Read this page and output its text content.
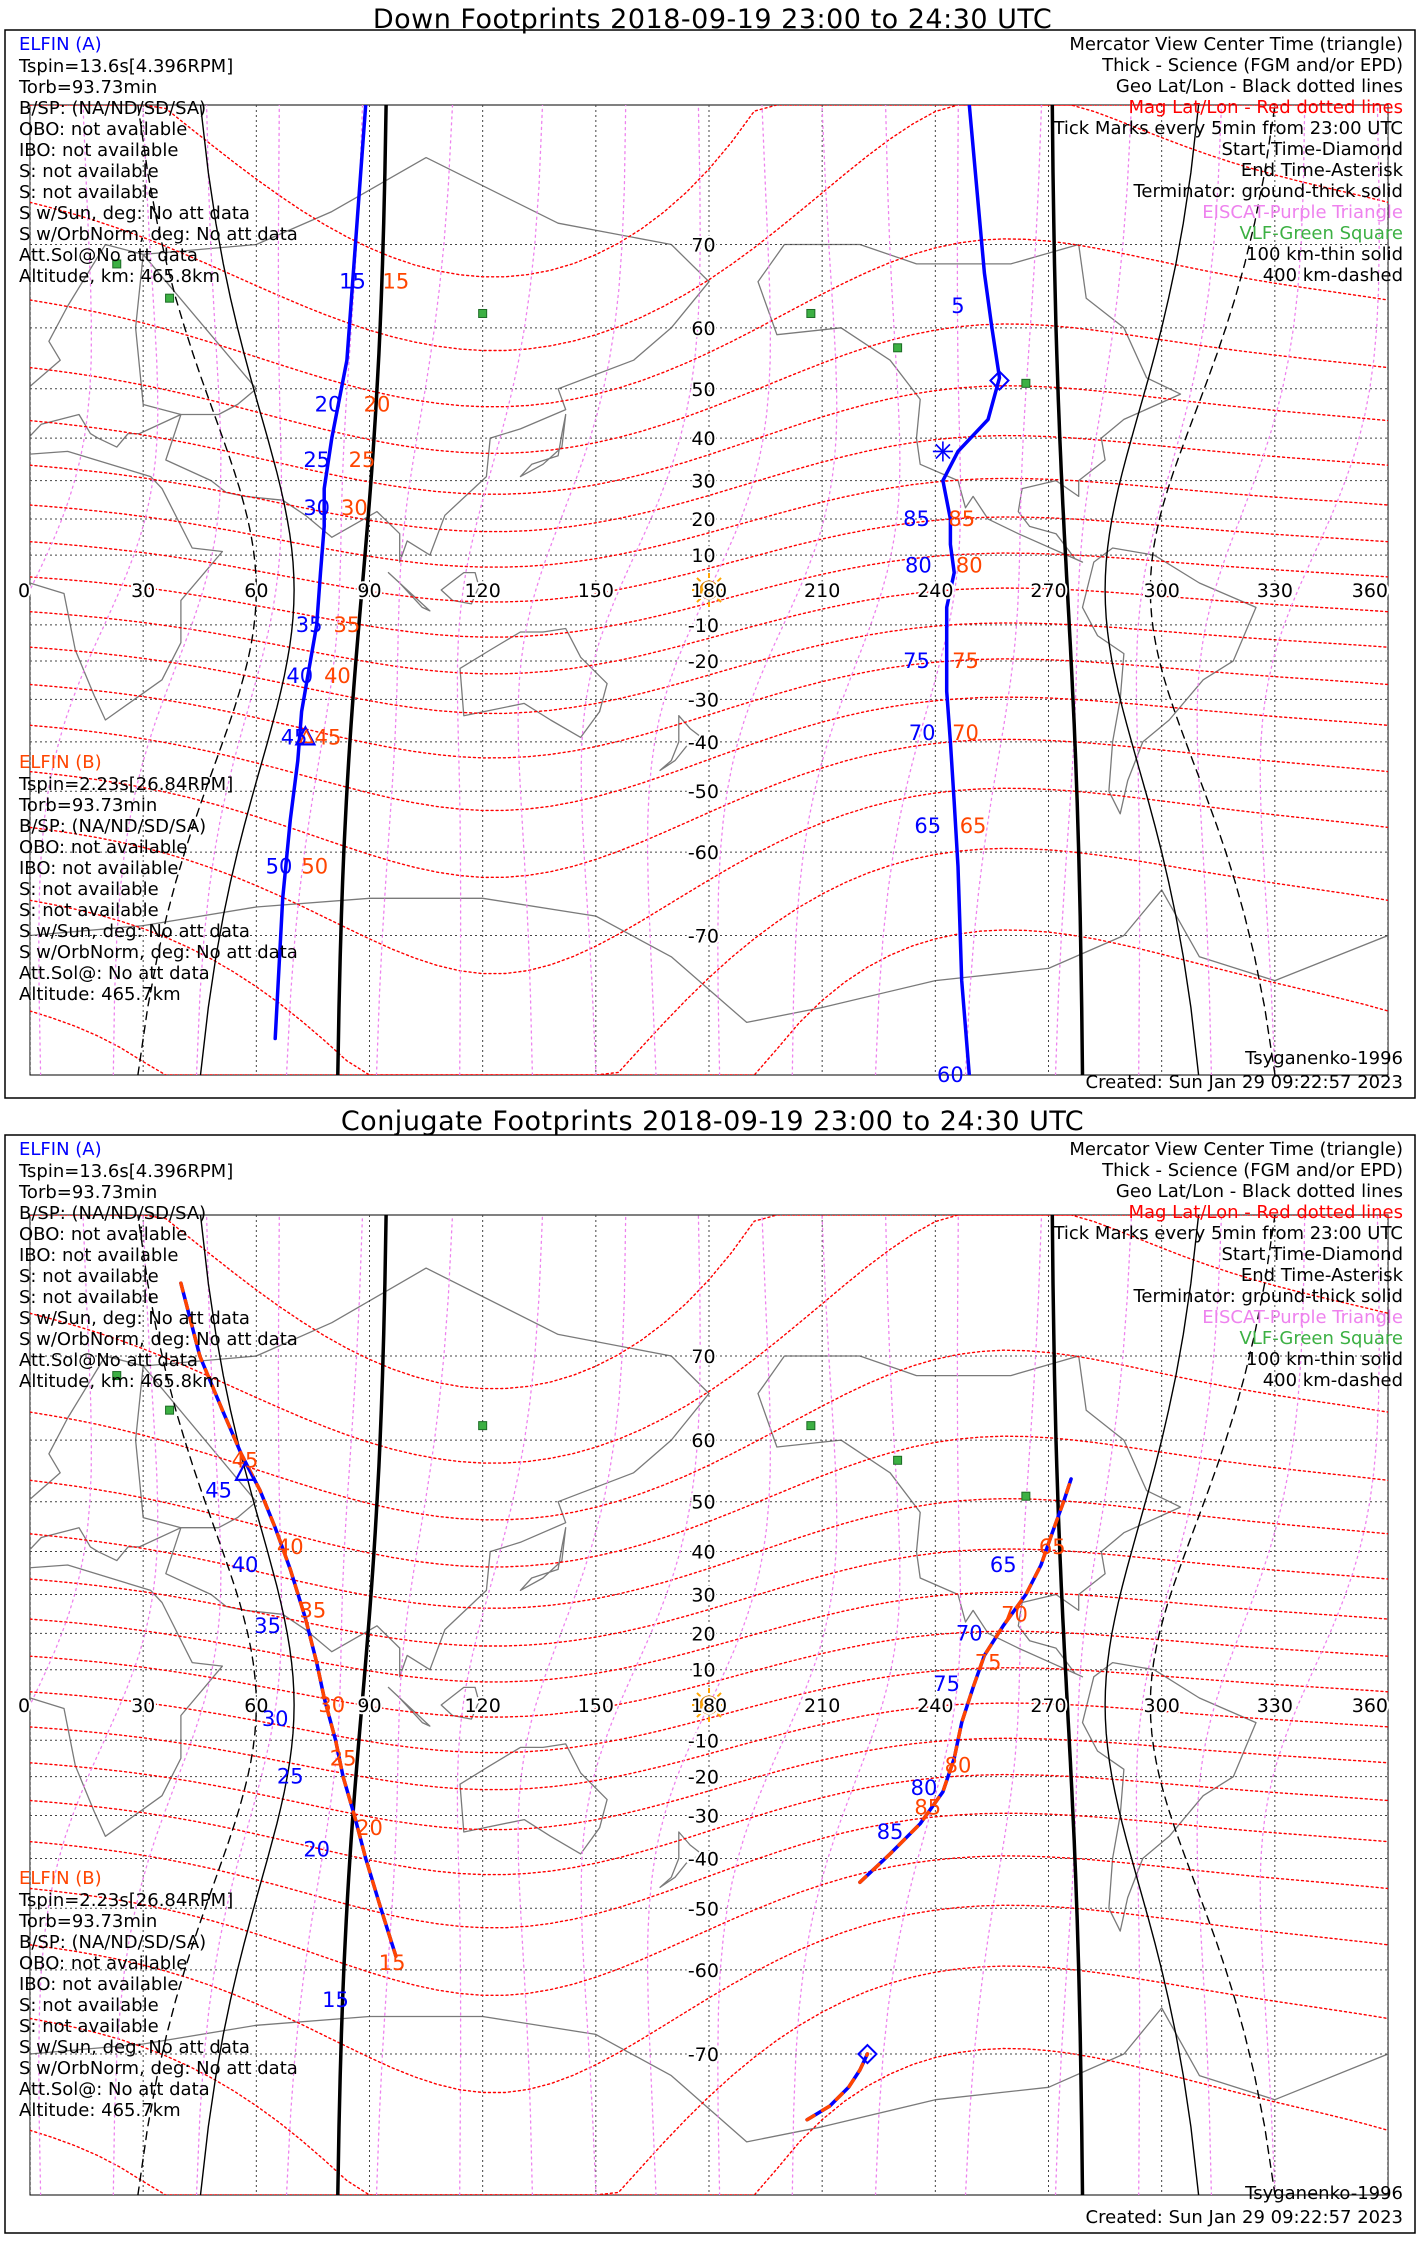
Down Footprints 2018-09-19 23:00 to 24:30 UTC
Conjugate Footprints 2018-09-19 23:00 to 24:30 UTC
0	30	60	90	120	150	180	210	240	270	300	330	360
70
60
50
40
30
20
10
-10
-20
-30
-40
-50
-60
-70
ELFIN (A)
Tspin=13.6s[4.396RPM]
Torb=93.73min
B/SP: (NA/ND/SD/SA)
OBO: not available
IBO: not available
S: not available
S: not available
S w/Sun, deg: No att data
S w/OrbNorm, deg: No att data
Att.Sol@No att data
Altitude, km: 465.8km
ELFIN (B)
Tspin=2.23s[26.84RPM]
Torb=93.73min
B/SP: (NA/ND/SD/SA)
OBO: not available
IBO: not available
S: not available
S: not available
S w/Sun, deg: No att data
S w/OrbNorm, deg: No att data
Att.Sol@: No att data
Altitude: 465.7km
Mercator View Center Time (triangle)
Thick - Science (FGM and/or EPD)
Geo Lat/Lon - Black dotted lines
Mag Lat/Lon - Red dotted lines
Tick Marks every 5min from 23:00 UTC
Start Time-Diamond
End Time-Asterisk
Terminator: ground-thick solid
EISCAT-Purple Triangle
VLF-Green Square
100 km-thin solid
400 km-dashed
Tsyganenko-1996
Created: Sun Jan 29 09:22:57 2023
15
20
25
30
35
40
45
50
5
85
80
75
70
65
60
15
20
25
30
35
40
45
50
85
80
75
70
65
0	30	60	90	120	150	180	210	240	270	300	330	360
70
60
50
40
30
20
10
-10
-20
-30
-40
-50
-60
-70
ELFIN (A)
Tspin=13.6s[4.396RPM]
Torb=93.73min
B/SP: (NA/ND/SD/SA)
OBO: not available
IBO: not available
S: not available
S: not available
S w/Sun, deg: No att data
S w/OrbNorm, deg: No att data
Att.Sol@No att data
Altitude, km: 465.8km
ELFIN (B)
Tspin=2.23s[26.84RPM]
Torb=93.73min
B/SP: (NA/ND/SD/SA)
OBO: not available
IBO: not available
S: not available
S: not available
S w/Sun, deg: No att data
S w/OrbNorm, deg: No att data
Att.Sol@: No att data
Altitude: 465.7km
Mercator View Center Time (triangle)
Thick - Science (FGM and/or EPD)
Geo Lat/Lon - Black dotted lines
Mag Lat/Lon - Red dotted lines
Tick Marks every 5min from 23:00 UTC
Start Time-Diamond
End Time-Asterisk
Terminator: ground-thick solid
EISCAT-Purple Triangle
VLF-Green Square
100 km-thin solid
400 km-dashed
Tsyganenko-1996
Created: Sun Jan 29 09:22:57 2023
45
40
35
30
25
20
15
85
80
75
70
65
45
40
35
30
25
20
15
85
80
75
70
65
